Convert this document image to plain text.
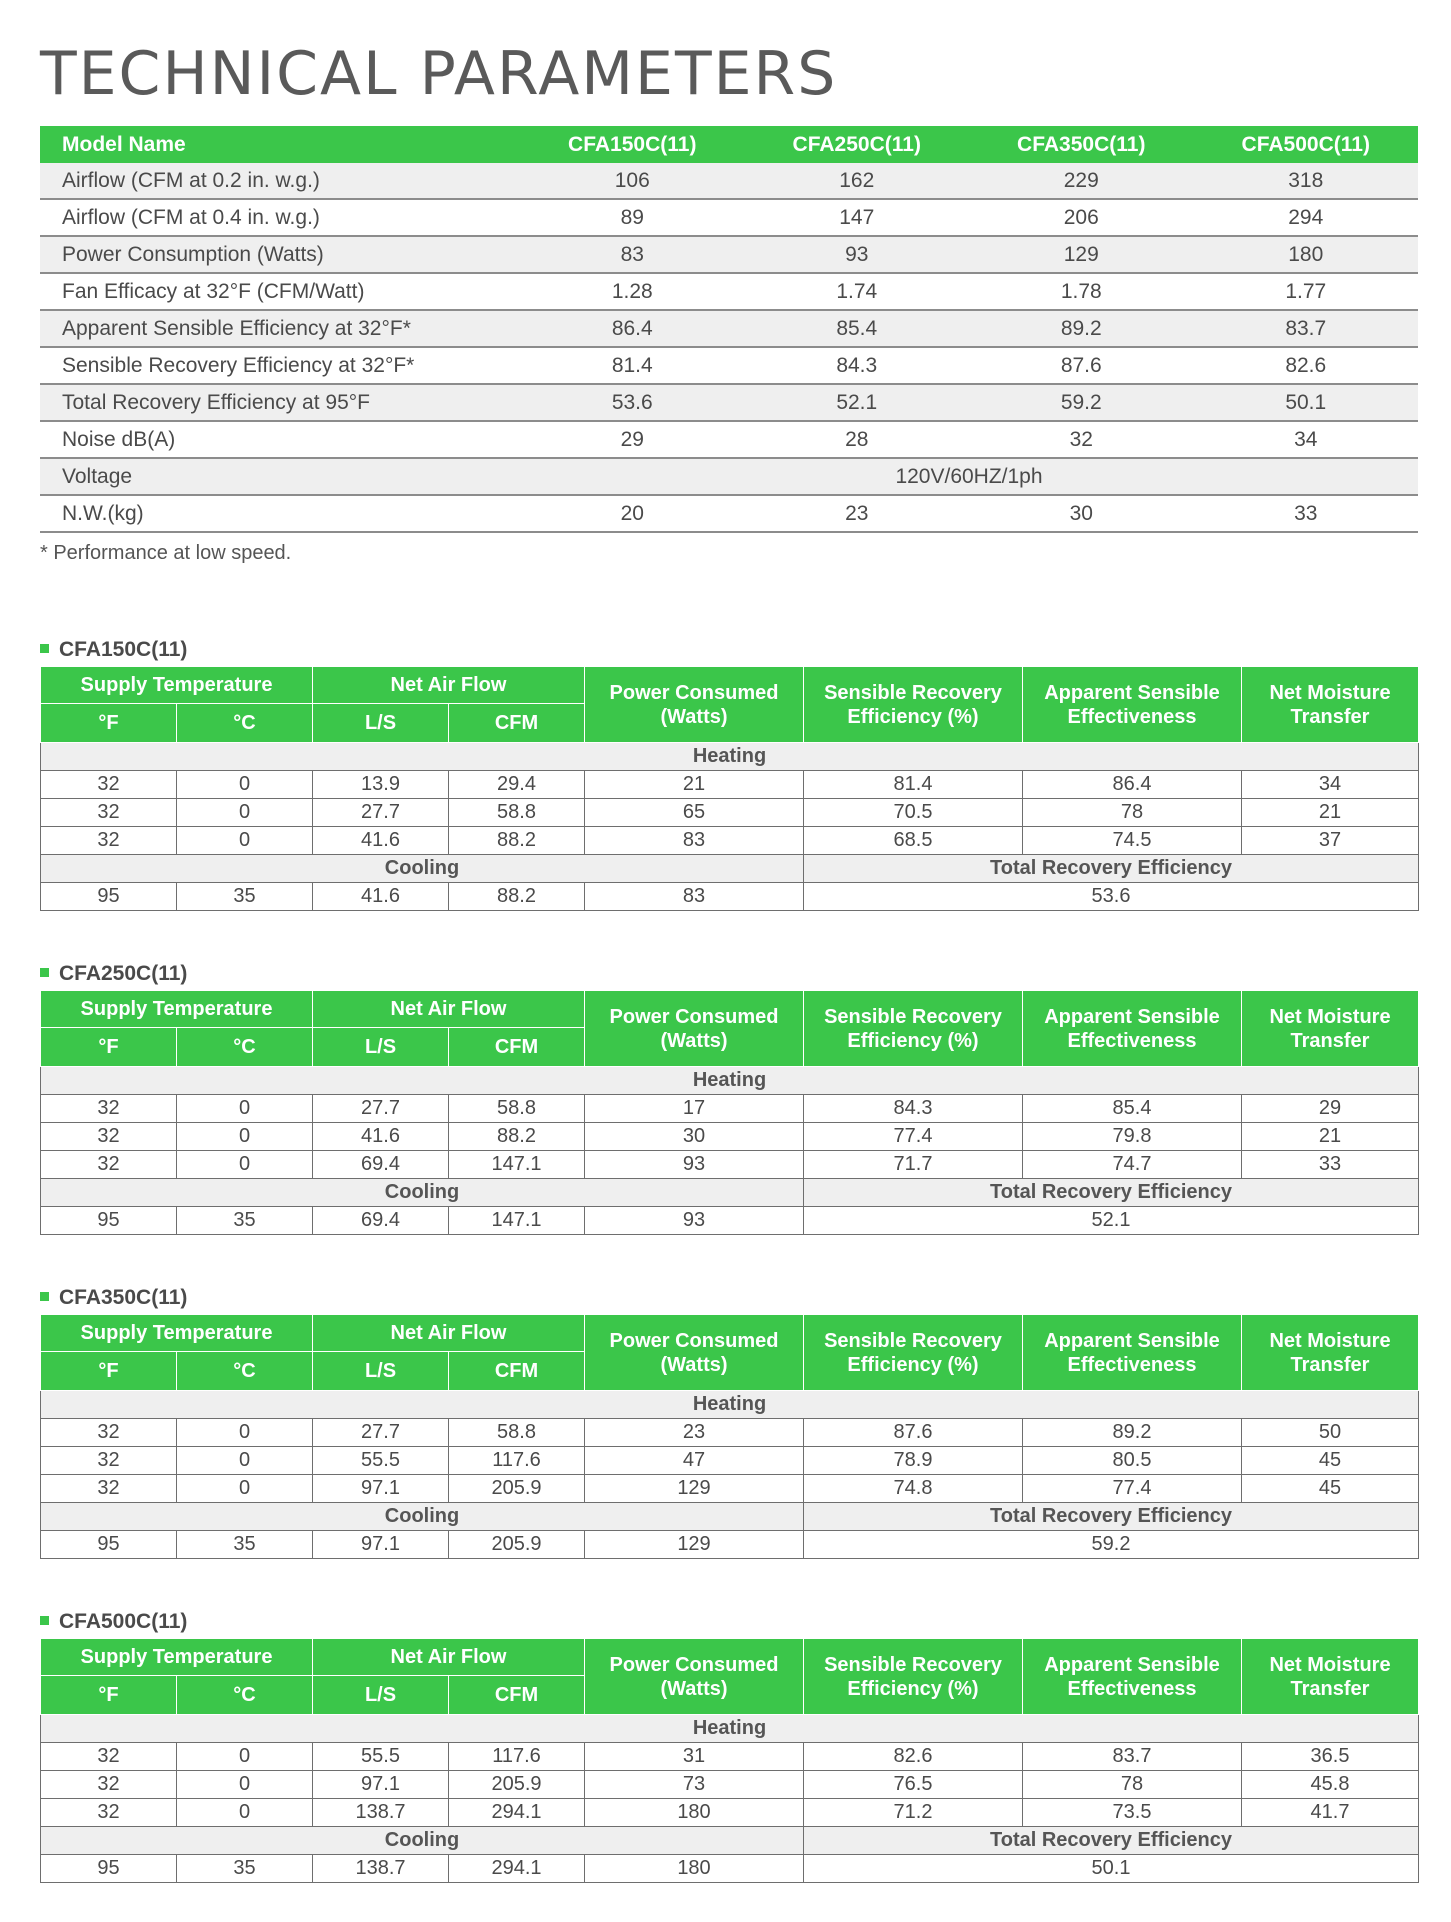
TECHNICAL PARAMETERS
Model Name	CFA150C(11)	CFA250C(11)	CFA350C(11)	CFA500C(11)
Airflow (CFM at 0.2 in. w.g.)	106	162	229	318
Airflow (CFM at 0.4 in. w.g.)	89	147	206	294
Power Consumption (Watts)	83	93	129	180
Fan Efficacy at 32°F (CFM/Watt)	1.28	1.74	1.78	1.77
Apparent Sensible Efficiency at 32°F*	86.4	85.4	89.2	83.7
Sensible Recovery Efficiency at 32°F*	81.4	84.3	87.6	82.6
Total Recovery Efficiency at 95°F	53.6	52.1	59.2	50.1
Noise dB(A)	29	28	32	34
Voltage	120V/60HZ/1ph			
N.W.(kg)	20	23	30	33
* Performance at low speed.
CFA150C(11)
Supply Temperature		Net Air Flow		Power Consumed (Watts)	Sensible Recovery Efficiency (%)	Apparent Sensible Effectiveness	Net Moisture Transfer
°F	°C	L/S	CFM				
Heating							
32	0	13.9	29.4	21	81.4	86.4	34
32	0	27.7	58.8	65	70.5	78	21
32	0	41.6	88.2	83	68.5	74.5	37
Cooling					Total Recovery Efficiency		
95	35	41.6	88.2	83	53.6		
CFA250C(11)
Supply Temperature		Net Air Flow		Power Consumed (Watts)	Sensible Recovery Efficiency (%)	Apparent Sensible Effectiveness	Net Moisture Transfer
°F	°C	L/S	CFM				
Heating							
32	0	27.7	58.8	17	84.3	85.4	29
32	0	41.6	88.2	30	77.4	79.8	21
32	0	69.4	147.1	93	71.7	74.7	33
Cooling					Total Recovery Efficiency		
95	35	69.4	147.1	93	52.1		
CFA350C(11)
Supply Temperature		Net Air Flow		Power Consumed (Watts)	Sensible Recovery Efficiency (%)	Apparent Sensible Effectiveness	Net Moisture Transfer
°F	°C	L/S	CFM				
Heating							
32	0	27.7	58.8	23	87.6	89.2	50
32	0	55.5	117.6	47	78.9	80.5	45
32	0	97.1	205.9	129	74.8	77.4	45
Cooling					Total Recovery Efficiency		
95	35	97.1	205.9	129	59.2		
CFA500C(11)
Supply Temperature		Net Air Flow		Power Consumed (Watts)	Sensible Recovery Efficiency (%)	Apparent Sensible Effectiveness	Net Moisture Transfer
°F	°C	L/S	CFM				
Heating							
32	0	55.5	117.6	31	82.6	83.7	36.5
32	0	97.1	205.9	73	76.5	78	45.8
32	0	138.7	294.1	180	71.2	73.5	41.7
Cooling					Total Recovery Efficiency		
95	35	138.7	294.1	180	50.1		
